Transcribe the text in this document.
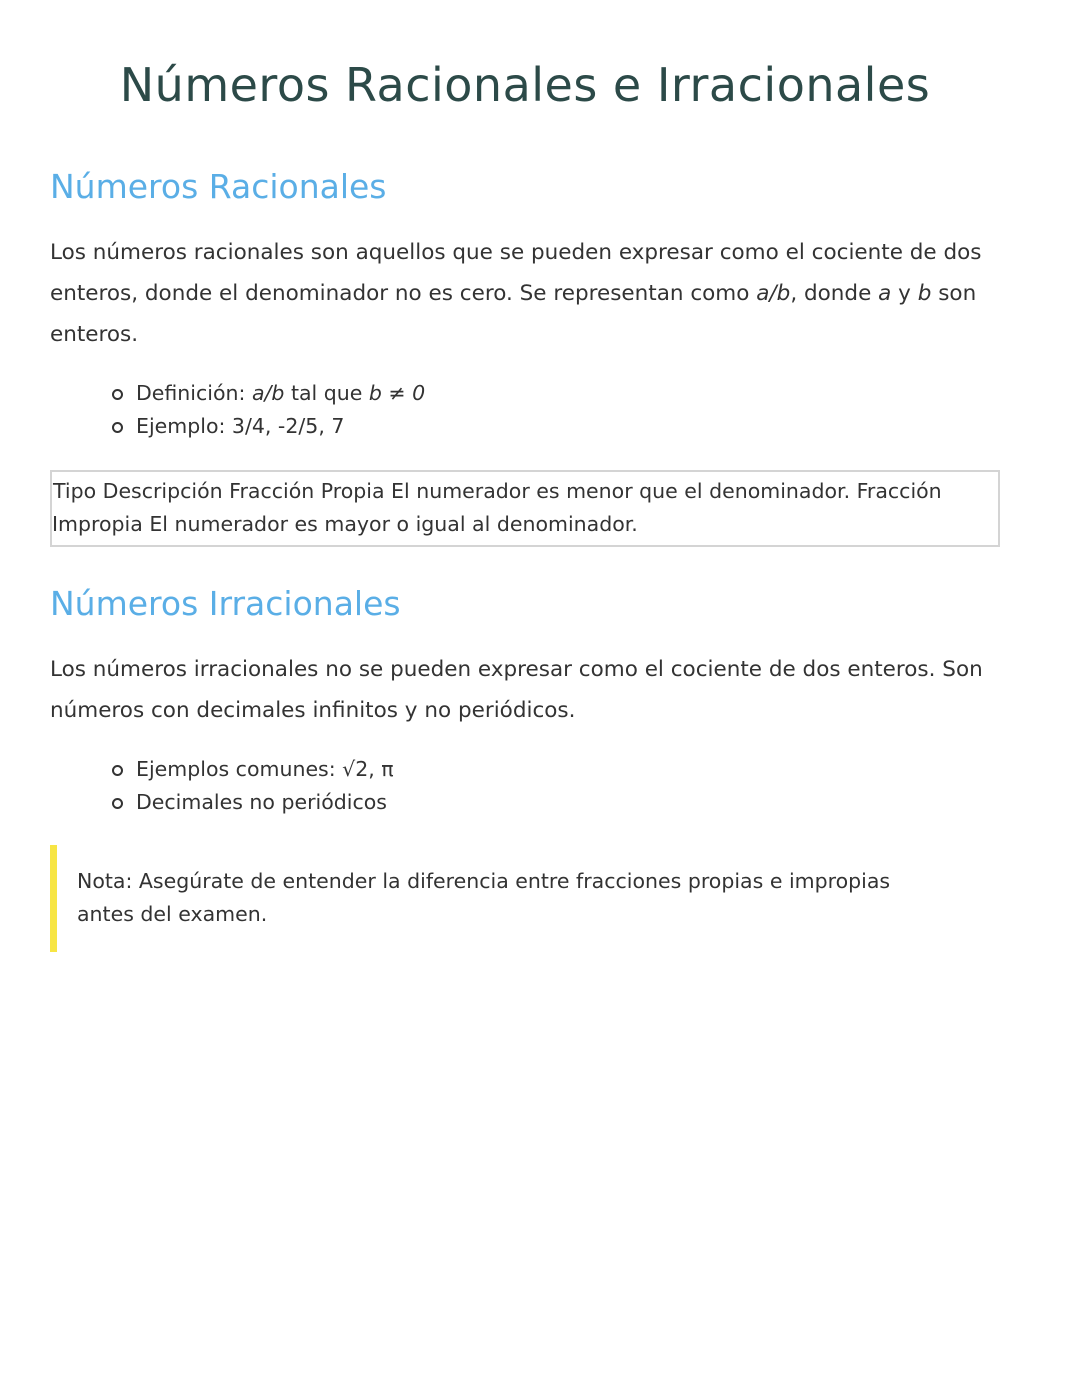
Números Racionales e Irracionales
Números Racionales

Los números racionales son aquellos que se pueden expresar como el cociente de dos enteros, donde el denominador no es cero. Se representan como a/b, donde a y b son enteros.

Definición: a/b tal que b ≠ 0
Ejemplo: 3/4, -2/5, 7
Tipo Descripción Fracción Propia El numerador es menor que el denominador. Fracción Impropia El numerador es mayor o igual al denominador.
Números Irracionales

Los números irracionales no se pueden expresar como el cociente de dos enteros. Son números con decimales infinitos y no periódicos.

Ejemplos comunes: √2, π
Decimales no periódicos

Nota: Asegúrate de entender la diferencia entre fracciones propias e impropias antes del examen.
